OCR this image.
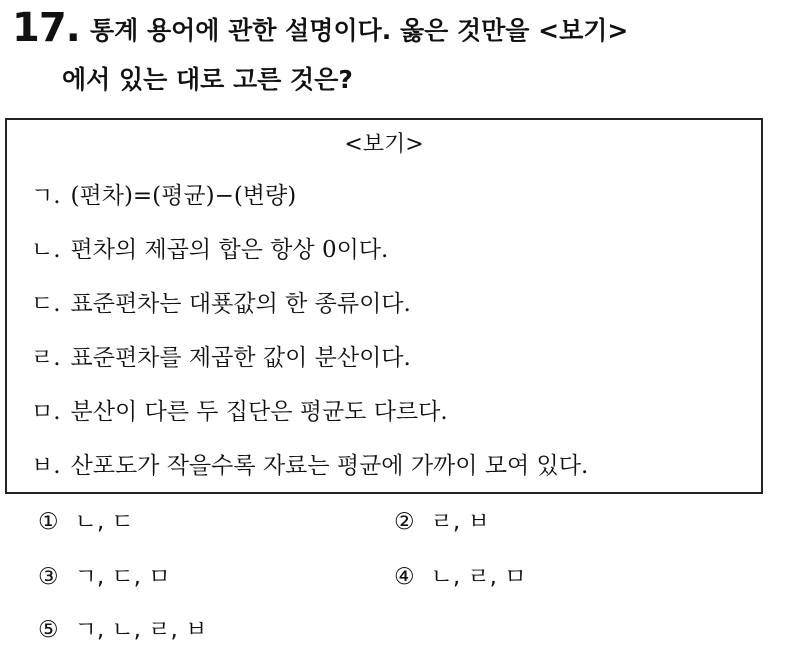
17. 통계 용어에 관한 설명이다. 옳은 것만을 <보기>
에서 있는 대로 고른 것은?
<보기>
ㄱ. (편차)=(평균)−(변량)
ㄴ. 편차의 제곱의 합은 항상 0이다.
ㄷ. 표준편차는 대푯값의 한 종류이다.
ㄹ. 표준편차를 제곱한 값이 분산이다.
ㅁ. 분산이 다른 두 집단은 평균도 다르다.
ㅂ. 산포도가 작을수록 자료는 평균에 가까이 모여 있다.
① ㄴ, ㄷ	② ㄹ, ㅂ
③ ㄱ, ㄷ, ㅁ	④ ㄴ, ㄹ, ㅁ
⑤ ㄱ, ㄴ, ㄹ, ㅂ
